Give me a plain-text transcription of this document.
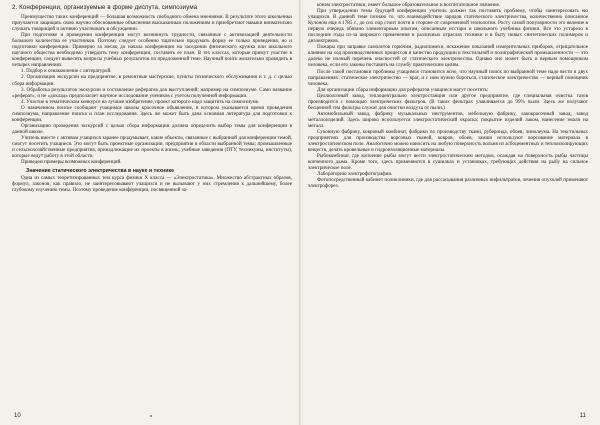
2. Конференции, организуемые в форме диспута, симпозиума

Преимущество таких конференций — большая возможность свободного обмена мнениями. В результате этого школьники приучаются защищать свою научно обоснованные объяснения высказанным положениям и приобретают навыки внимательно слушать товарищей и активно участвовать в обсуждении.

При подготовке и проведении конференции могут возникнуть трудности, связанные с активизацией деятельности большого количества ее участников. Поэтому следует особенно тщательно продумать форму ее только проведения, но и подготовки конференции. Примерно за месяц до начала конференции на заседании физического кружка или школьного научного общества необходимо утвердить тему конференции, составить ее план. В тех классах, которые примут участие в конференции, следует вывесить вопросы учебных результатов по предложенной теме. Научный поиск желательно проводить в четырех направлениях.

1. Подбор и ознакомление с литературой.

2. Организация экскурсии на предприятие, в ремонтные мастерские, пункты технического обслуживания и т. д. с целью сбора информации.

3. Обработка результатов экскурсии и составление рефератов для выступлений; например на симпозиуме. Само название «реферат», и не «доклад» предполагает научное исследование учеников с учетом полученной информации.

4. Участие в тематическом конкурсе на лучшее изобретение, проект которого надо защитить на симпозиуме.

О намеченном поиске сообщают учащимся школы красочное объявление, в котором указывается время проведения симпозиума, направление поиска и план исследования. Здесь же может быть дана основная литература для подготовки к конференции.

Организацию проведения экскурсий с целью сбора информации должна определить выбор темы для конференции в данной школе.

Учитель вместе с активом учащихся заранее продумывает, какие объекты, связанные с выбранной для конференции темой, смогут посетить учащиеся. Это могут быть проектные организации, предприятия в области выбранной темы; промышленные и сельскохозяйственные предприятия, принадлежащие их проекты в жизнь; учебные заведения (ПТУ, техникумы, институты), которые ведут работу в этой области.

Приведем примеры возможных конференций.

Значение статического электричества в науке и технике

Одна из самых теоретизированных тем курса физики X класса — «Электростатика». Множество абстрактных образов, формул, законов, как правило, не заинтересовывают учащихся и не вызывают у них стремления к дальнейшему, более глубокому изучению темы. Поэтому проведение конференции, посвященной за-

10

конам электростатики, имеет большое образовательное и воспитательное значение.

При утверждении темы будущей конференции учитель должен так поставить проблему, чтобы заинтересовать ею учащихся. В данной теме познаю то, что взаимодействие зарядов статического электричества, количественно описанное Кулоном еще в 1785 г., до сих пор стоит почти в стороне от современной технологии. Росту самой популярности это явление в первую очередь обязано элементарным опытам, описанным исстари и школьного учебника физики. Все это устарело в последние годы из-за широкого применения в различных отраслях техники и в быту новых синтетических полимеров и диэлектриков.

Пожары при заправке самолетов горючим, радиопомехи, искажение показаний измерительных приборов, отрицательное влияние на ход производственных процессов и качество продукции в текстильной и полиграфической промышленности — это далеко не полный перечень опасностей от статического электричества. Однако оно может быть и верным помощником человека, если его законы поставить на службу практическим целям.

После такой постановки проблемы учащимся становится ясно, что научный поиск по выбранной теме надо вести в двух направлениях: статическое электричество — враг, и с ним нужно бороться, статическое электричество — верный помощник человека.

Для организации сбора информации для рефератов учащиеся могут посетить:

Целлюлозный завод, теплоцентрально электростанция или другое предприятие, где специальная очистка газов производится с помощью электрических фильтров. (В таких фильтрах улавливается до 99% пыли. Здесь же получают бесценной тем фильтры служат для очистки воздуха от пыли.)

Автомобильный завод, фабрику музыкальных инструментов, мебельную фабрику, лакокрасочный завод, завод металлоизделий. Здесь широко используется электростатический окраска; покрытие изделий лаком, нанесение эмали на металл.

Суконную фабрику, ковровый комбинат, фабрики по производству ткани, рубероида, обоев, линолеума. На текстильных предприятиях для производства ворсовых тканей, ковров, обоев, замши используют ворсование материала в электростатическом поле. Аналогично можно наносить на любую поверхность вольня из асбоцементных и теплоизолирующих веществ, делать кровельные и гидроизоляционные материалы.

Рыбокомбинат, где копчение рыбы могут вести электростатическим методом, осаждая на поверхность рыбы частицы копченного дыма. Кроме того, здесь применяются в сушилках и установках, требующих действия на рыбу на сильное электрическое поле.

Лабораторию электрофотографии.

Фотопосредственный кабинет поликлиники, где для рассасывания различных инфильтратов, лечения опухолей применяют электрофорез.

11
